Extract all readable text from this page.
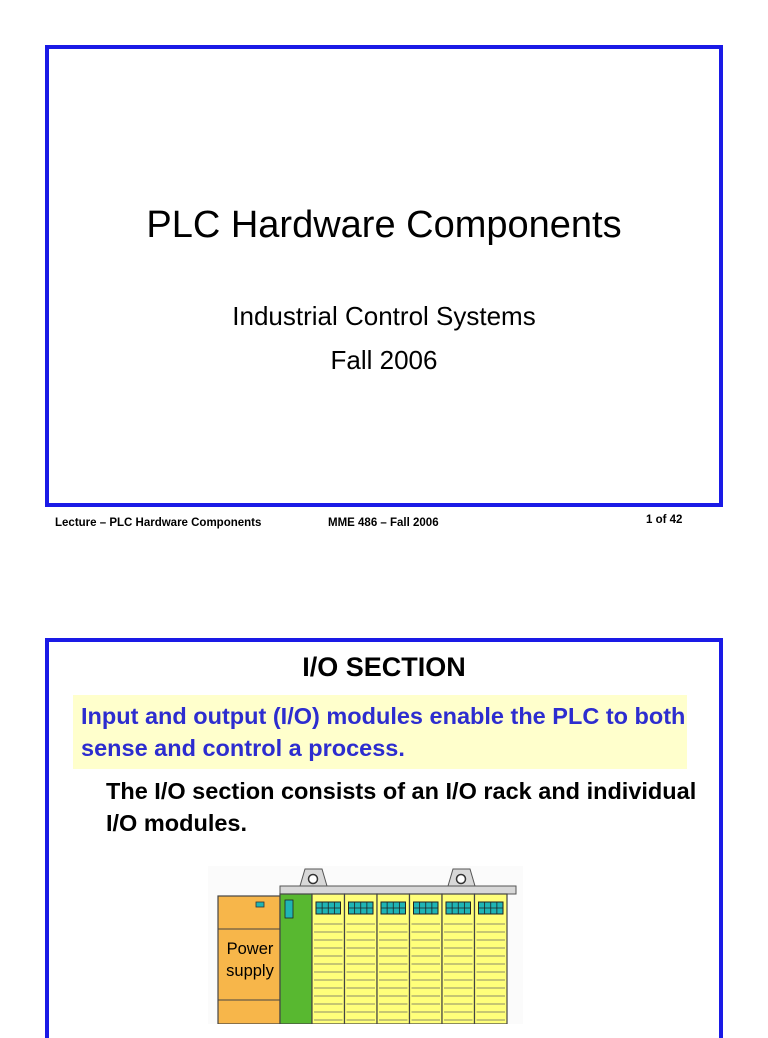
PLC Hardware Components
Industrial Control Systems
Fall 2006
Lecture – PLC Hardware Components	MME 486 – Fall 2006	1 of 42
I/O SECTION
Input and output (I/O) modules enable the PLC to both sense and control a process.
The I/O section consists of an I/O rack and individual I/O modules.
Power supply
